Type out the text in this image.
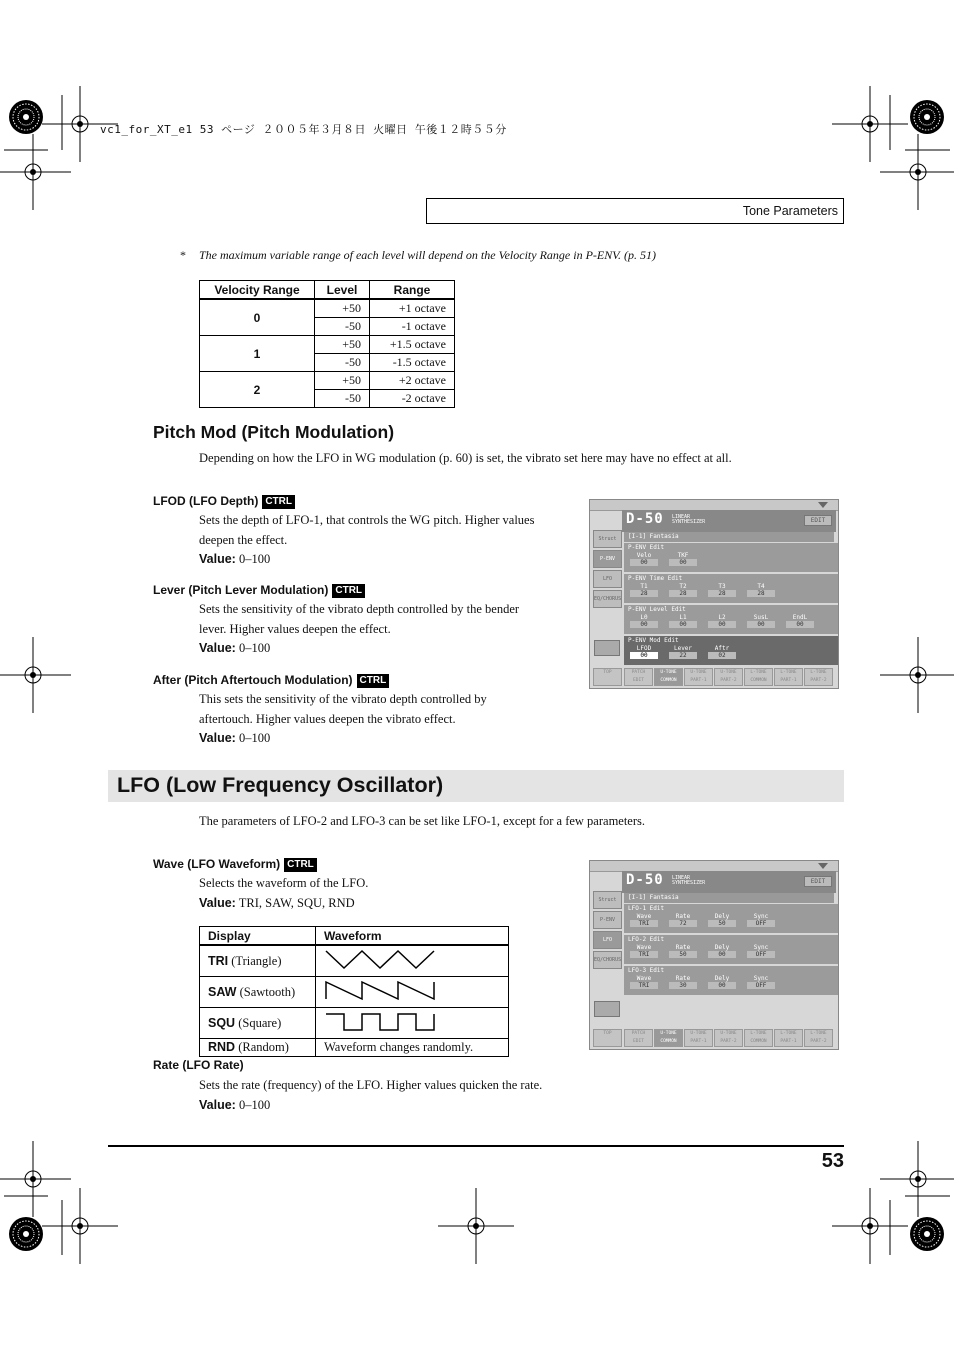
vc1_for_XT_e1 53 ページ ２００５年３月８日 火曜日 午後１２時５５分
Tone Parameters
* The maximum variable range of each level will depend on the Velocity Range in P-ENV. (p. 51)
Velocity Range	Level	Range
0	+50	+1 octave
	-50	-1 octave
1	+50	+1.5 octave
	-50	-1.5 octave
2	+50	+2 octave
	-50	-2 octave
Pitch Mod (Pitch Modulation)
Depending on how the LFO in WG modulation (p. 60) is set, the vibrato set here may have no effect at all.
LFOD (LFO Depth) CTRL
Sets the depth of LFO-1, that controls the WG pitch. Higher values
deepen the effect.
Value: 0–100
Lever (Pitch Lever Modulation) CTRL
Sets the sensitivity of the vibrato depth controlled by the bender
lever. Higher values deepen the effect.
Value: 0–100
After (Pitch Aftertouch Modulation) CTRL
This sets the sensitivity of the vibrato depth controlled by
aftertouch. Higher values deepen the vibrato effect.
Value: 0–100
D-50 LINEAR
SYNTHESIZER	EDIT
[I-1] Fantasia
Struct
P-ENV
LFO
EQ/CHORUS
P-ENV Edit
Velo
00
TKF
00
P-ENV Time Edit
T1
28
T2
28
T3
28
T4
28
P-ENV Level Edit
L0
00
L1
00
L2
00
SusL
00
EndL
00
P-ENV Mod Edit
LFOD
00
Lever
22
Aftr
02
TOP	PATCH EDIT
U-TONE COMMON
U-TONE PART-1
U-TONE PART-2
L-TONE COMMON
L-TONE PART-1
L-TONE PART-2
LFO (Low Frequency Oscillator)
The parameters of LFO-2 and LFO-3 can be set like LFO-1, except for a few parameters.
Wave (LFO Waveform) CTRL
Selects the waveform of the LFO.
Value: TRI, SAW, SQU, RND
Display	Waveform
TRI (Triangle)	
SAW (Sawtooth)	
SQU (Square)	
RND (Random)	Waveform changes randomly.
Rate (LFO Rate)
Sets the rate (frequency) of the LFO. Higher values quicken the rate.
Value: 0–100
D-50 LINEAR
SYNTHESIZER	EDIT
[I-1] Fantasia
Struct
P-ENV
LFO
EQ/CHORUS
LFO-1 Edit
Wave
TRI
Rate
72
Dely
50
Sync
OFF
LFO-2 Edit
Wave
TRI
Rate
50
Dely
00
Sync
OFF
LFO-3 Edit
Wave
TRI
Rate
30
Dely
00
Sync
OFF
TOP	PATCH EDIT
U-TONE COMMON
U-TONE PART-1
U-TONE PART-2
L-TONE COMMON
L-TONE PART-1
L-TONE PART-2
53
